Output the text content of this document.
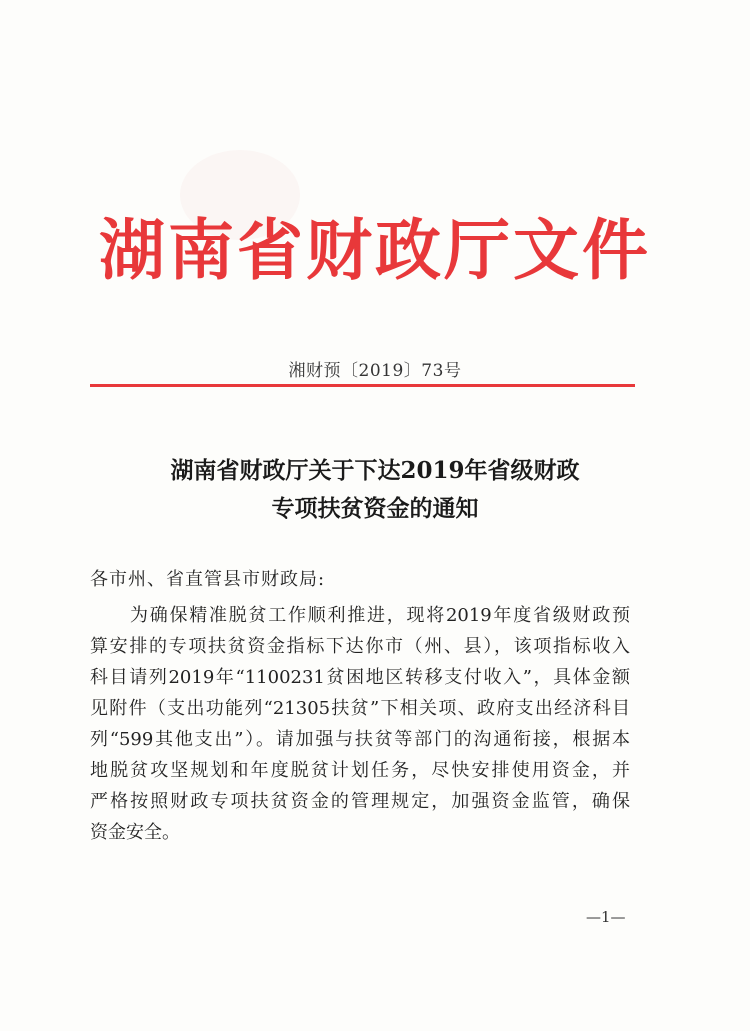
湖南省财政厅文件
湘财预〔2019〕73号
湖南省财政厅关于下达2019年省级财政
专项扶贫资金的通知
各市州、省直管县市财政局:
为确保精准脱贫工作顺利推进，现将2019年度省级财政预
算安排的专项扶贫资金指标下达你市（州、县），该项指标收入
科目请列2019年“1100231贫困地区转移支付收入”，具体金额
见附件（支出功能列“21305扶贫”下相关项、政府支出经济科目
列“599其他支出”）。请加强与扶贫等部门的沟通衔接，根据本
地脱贫攻坚规划和年度脱贫计划任务，尽快安排使用资金，并
严格按照财政专项扶贫资金的管理规定，加强资金监管，确保
资金安全。
—1—
